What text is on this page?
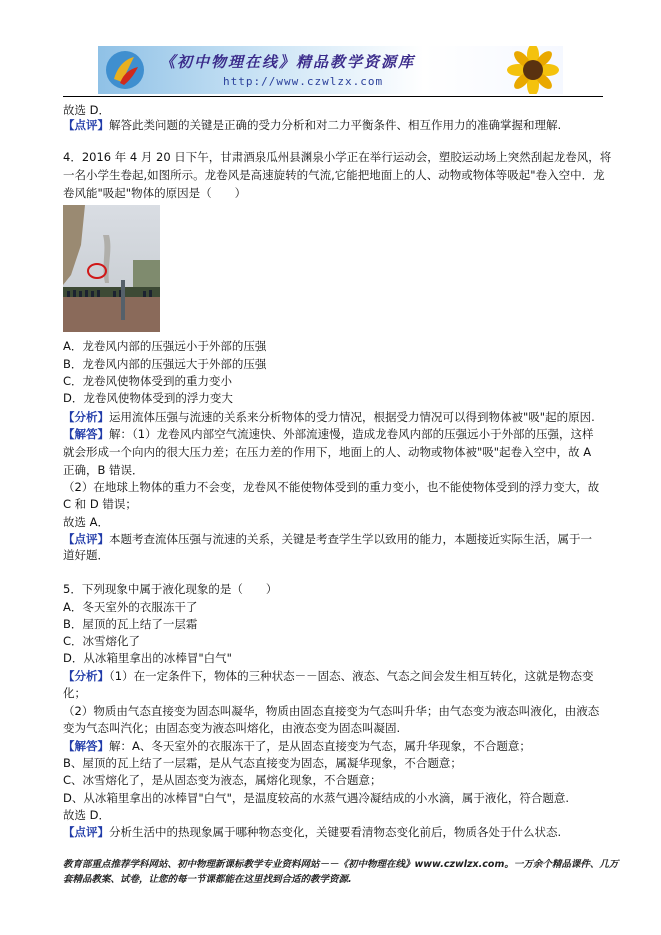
《初中物理在线》精品教学资源库
http://www.czwlzx.com
故选 D．
【点评】解答此类问题的关键是正确的受力分析和对二力平衡条件、相互作用力的准确掌握和理解.
4．2016 年 4 月 20 日下午，甘肃酒泉瓜州县渊泉小学正在举行运动会，塑胶运动场上突然刮起龙卷风，将
一名小学生卷起,如图所示。龙卷风是高速旋转的气流,它能把地面上的人、动物或物体等吸起"卷入空中．龙
卷风能"吸起"物体的原因是（　　）
A．龙卷风内部的压强远小于外部的压强
B．龙卷风内部的压强远大于外部的压强
C．龙卷风使物体受到的重力变小
D．龙卷风使物体受到的浮力变大
【分析】运用流体压强与流速的关系来分析物体的受力情况，根据受力情况可以得到物体被"吸"起的原因.
【解答】解：（1）龙卷风内部空气流速快、外部流速慢，造成龙卷风内部的压强远小于外部的压强，这样
就会形成一个向内的很大压力差；在压力差的作用下，地面上的人、动物或物体被"吸"起卷入空中，故 A
正确，B 错误．
（2）在地球上物体的重力不会变，龙卷风不能使物体受到的重力变小，也不能使物体受到的浮力变大，故
C 和 D 错误；
故选 A．
【点评】本题考查流体压强与流速的关系，关键是考查学生学以致用的能力，本题接近实际生活，属于一
道好题．
5．下列现象中属于液化现象的是（　　）
A．冬天室外的衣服冻干了
B．屋顶的瓦上结了一层霜
C．冰雪熔化了
D．从冰箱里拿出的冰棒冒"白气"
【分析】（1）在一定条件下，物体的三种状态－－固态、液态、气态之间会发生相互转化，这就是物态变
化；
（2）物质由气态直接变为固态叫凝华，物质由固态直接变为气态叫升华；由气态变为液态叫液化，由液态
变为气态叫汽化；由固态变为液态叫熔化，由液态变为固态叫凝固.
【解答】解：A、冬天室外的衣服冻干了，是从固态直接变为气态，属升华现象，不合题意；
B、屋顶的瓦上结了一层霜，是从气态直接变为固态，属凝华现象，不合题意；
C、冰雪熔化了，是从固态变为液态，属熔化现象，不合题意；
D、从冰箱里拿出的冰棒冒"白气"，是温度较高的水蒸气遇冷凝结成的小水滴，属于液化，符合题意.
故选 D．
【点评】分析生活中的热现象属于哪种物态变化，关键要看清物态变化前后，物质各处于什么状态.
教育部重点推荐学科网站、初中物理新课标教学专业资料网站－－《初中物理在线》www.czwlzx.com。一万余个精品课件、几万
套精品教案、试卷，让您的每一节课都能在这里找到合适的教学资源.
